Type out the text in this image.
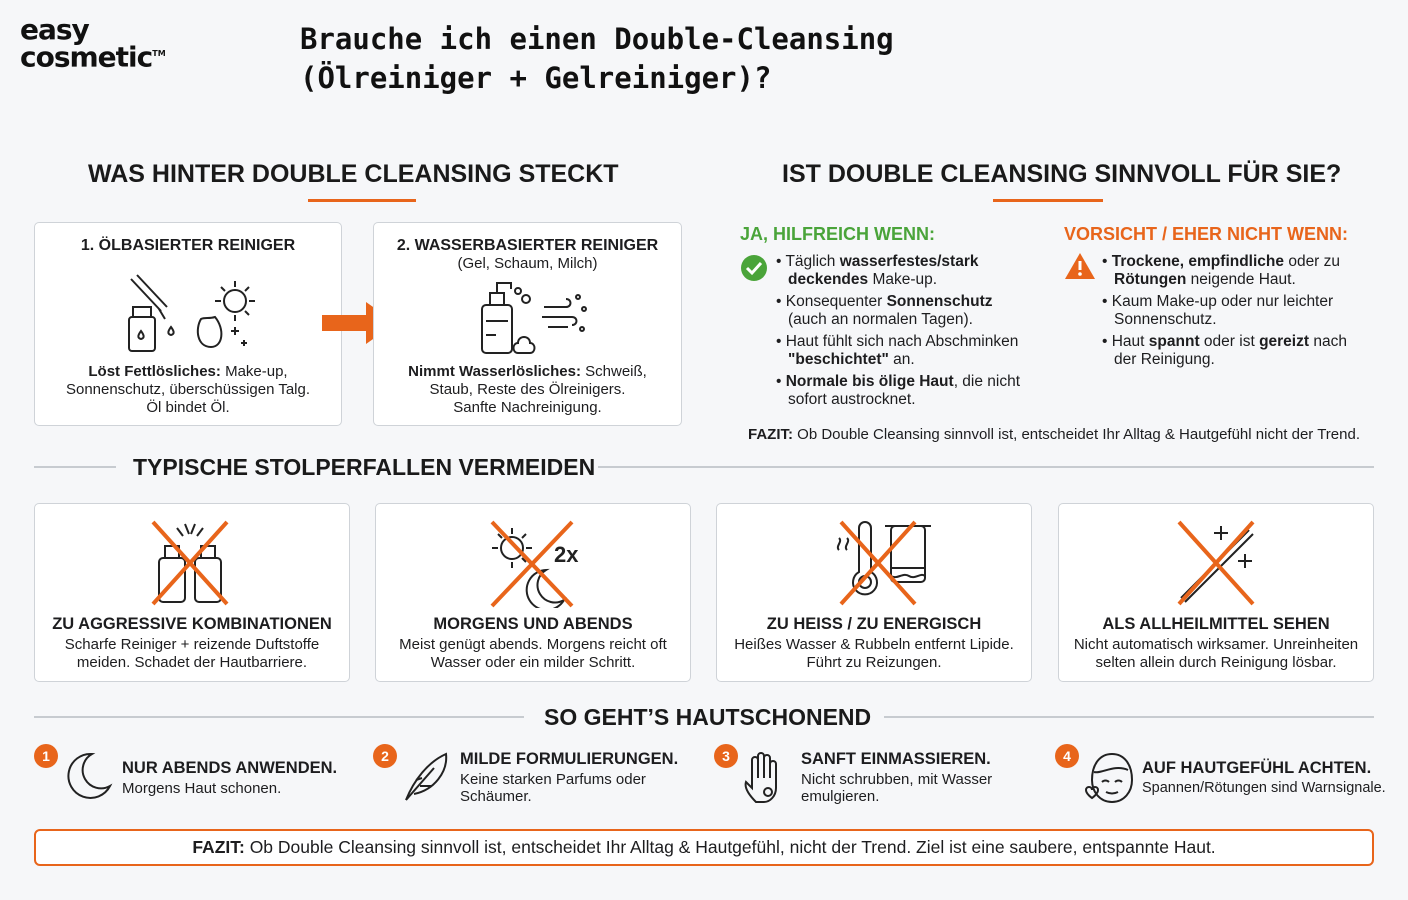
easy
cosmetic™	Brauche ich einen Double-Cleansing (Ölreiniger + Gelreiniger)?
WAS HINTER DOUBLE CLEANSING STECKT
1. ÖLBASIERTER REINIGER
Löst Fettlösliches: Make-up,
Sonnenschutz, überschüssigen Talg.
Öl bindet Öl.
2. WASSERBASIERTER REINIGER
(Gel, Schaum, Milch)
Nimmt Wasserlösliches: Schweiß,
Staub, Reste des Ölreinigers.
Sanfte Nachreinigung.
IST DOUBLE CLEANSING SINNVOLL FÜR SIE?
JA, HILFREICH WENN:
• Täglich wasserfestes/stark
deckendes Make-up.
• Konsequenter Sonnenschutz
(auch an normalen Tagen).
• Haut fühlt sich nach Abschminken
"beschichtet" an.
• Normale bis ölige Haut, die nicht
sofort austrocknet.
VORSICHT / EHER NICHT WENN:
• Trockene, empfindliche oder zu
Rötungen neigende Haut.
• Kaum Make-up oder nur leichter
Sonnenschutz.
• Haut spannt oder ist gereizt nach
der Reinigung.
FAZIT: Ob Double Cleansing sinnvoll ist, entscheidet Ihr Alltag & Hautgefühl nicht der Trend.
TYPISCHE STOLPERFALLEN VERMEIDEN
ZU AGGRESSIVE KOMBINATIONEN
Scharfe Reiniger + reizende Duftstoffe
meiden. Schadet der Hautbarriere.
2x
MORGENS UND ABENDS
Meist genügt abends. Morgens reicht oft
Wasser oder ein milder Schritt.
ZU HEISS / ZU ENERGISCH
Heißes Wasser & Rubbeln entfernt Lipide.
Führt zu Reizungen.
ALS ALLHEILMITTEL SEHEN
Nicht automatisch wirksamer. Unreinheiten
selten allein durch Reinigung lösbar.
SO GEHT’S HAUTSCHONEND
1
NUR ABENDS ANWENDEN.
Morgens Haut schonen.
2	MILDE FORMULIERUNGEN.
Keine starken Parfums oder
Schäumer.
3	SANFT EINMASSIEREN.
Nicht schrubben, mit Wasser
emulgieren.
4
AUF HAUTGEFÜHL ACHTEN.
Spannen/Rötungen sind Warnsignale.
FAZIT: Ob Double Cleansing sinnvoll ist, entscheidet Ihr Alltag & Hautgefühl, nicht der Trend. Ziel ist eine saubere, entspannte Haut.
